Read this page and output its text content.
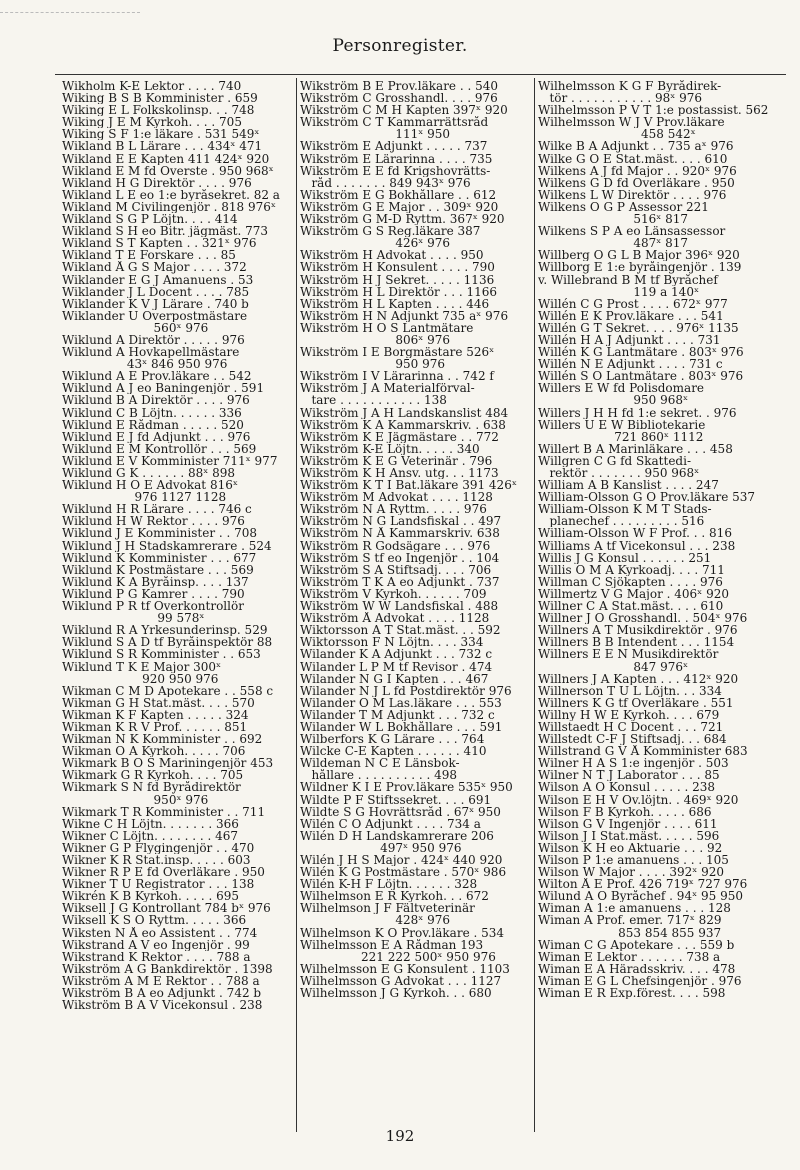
Personregister.
Wikholm K-E Lektor . . . . 740
Wiking B S B Komminister . 659
Wiking E L Folkskolinsp. . . 748
Wiking J E M Kyrkoh. . . . 705
Wiking S F 1:e läkare . 531 549ˣ
Wikland B L Lärare . . . 434ˣ 471
Wikland E E Kapten 411 424ˣ 920
Wikland E M fd Överste . 950 968ˣ
Wikland H G Direktör . . . . 976
Wikland L E eo 1:e byråsekret. 82 a
Wikland M Civilingenjör . 818 976ˣ
Wikland S G P Löjtn. . . . 414
Wikland S H eo Bitr. jägmäst. 773
Wikland S T Kapten . . 321ˣ 976
Wikland T E Forskare . . . 85
Wikland Å G S Major . . . . 372
Wiklander E G J Amanuens . 53
Wiklander J L Docent . . . . 785
Wiklander K V J Lärare . 740 b
Wiklander U Överpostmästare
560ˣ 976
Wiklund A Direktör . . . . . 976
Wiklund A Hovkapellmästare
43ˣ 846 950 976
Wiklund A E Prov.läkare . . 542
Wiklund A J eo Baningenjör . 591
Wiklund B A Direktör . . . . 976
Wiklund C B Löjtn. . . . . . 336
Wiklund E Rådman . . . . . 520
Wiklund E J fd Adjunkt . . . 976
Wiklund E M Kontrollör . . . 569
Wiklund E V Komminister 711ˣ 977
Wiklund G K . . . . . . 88ˣ 898
Wiklund H O E Advokat 816ˣ
976 1127 1128
Wiklund H R Lärare . . . . 746 c
Wiklund H W Rektor . . . . 976
Wiklund J E Komminister . . 708
Wiklund J H Stadskamrerare . 524
Wiklund K Komminister . . . 677
Wiklund K Postmästare . . . 569
Wiklund K A Byråinsp. . . . 137
Wiklund P G Kamrer . . . . 790
Wiklund P R tf Överkontrollör
99 578ˣ
Wiklund R A Yrkesunderinsp. 529
Wiklund S A D tf Byråinspektör 88
Wiklund S R Komminister . . 653
Wiklund T K E Major 300ˣ
920 950 976
Wikman C M D Apotekare . . 558 c
Wikman G H Stat.mäst. . . . 570
Wikman K F Kapten . . . . . 324
Wikman K R V Prof. . . . . . 851
Wikman N K Komminister . . 692
Wikman O A Kyrkoh. . . . . 706
Wikmark B O S Mariningenjör 453
Wikmark G R Kyrkoh. . . . 705
Wikmark S N fd Byrådirektör
950ˣ 976
Wikmark T R Komminister . . 711
Wikne C H Löjtn. . . . . . . 366
Wikner C Löjtn. . . . . . . . 467
Wikner G P Flygingenjör . . 470
Wikner K R Stat.insp. . . . . 603
Wikner R P E fd Överläkare . 950
Wikner T U Registrator . . . 138
Wikrén K B Kyrkoh. . . . . 695
Wiksell J G Kontrollant 784 bˣ 976
Wiksell K S O Ryttm. . . . . 366
Wiksten N Å eo Assistent . . 774
Wikstrand A V eo Ingenjör . 99
Wikstrand K Rektor . . . . 788 a
Wikström A G Bankdirektör . 1398
Wikström A M E Rektor . . 788 a
Wikström B A eo Adjunkt . 742 b
Wikström B A V Vicekonsul . 238
Wikström B E Prov.läkare . . 540
Wikström C Grosshandl. . . . 976
Wikström C M H Kapten 397ˣ 920
Wikström C T Kammarrättsråd
111ˣ 950
Wikström E Adjunkt . . . . . 737
Wikström E Lärarinna . . . . 735
Wikström E E fd Krigshovrätts-
råd . . . . . . . 849 943ˣ 976
Wikström E G Bokhållare . . 612
Wikström G E Major . . 309ˣ 920
Wikström G M-D Ryttm. 367ˣ 920
Wikström G S Reg.läkare 387
426ˣ 976
Wikström H Advokat . . . . 950
Wikström H Konsulent . . . . 790
Wikström H J Sekret. . . . . 1136
Wikström H L Direktör . . . 1166
Wikström H L Kapten . . . . 446
Wikström H N Adjunkt 735 aˣ 976
Wikström H O S Lantmätare
806ˣ 976
Wikström I E Borgmästare 526ˣ
950 976
Wikström I V Lärarinna . . 742 f
Wikström J A Materialförval-
tare . . . . . . . . . . . 138
Wikström J A H Landskanslist 484
Wikström K A Kammarskriv. . 638
Wikström K E Jägmästare . . 772
Wikström K-E Löjtn. . . . . 340
Wikström K E G Veterinär . 796
Wikström K H Ansv. utg. . . 1173
Wikström K T I Bat.läkare 391 426ˣ
Wikström M Advokat . . . . 1128
Wikström N A Ryttm. . . . . 976
Wikström N G Landsfiskal . . 497
Wikström N Å Kammarskriv. 638
Wikström R Godsägare . . . 976
Wikström S tf eo Ingenjör . . 104
Wikström S A Stiftsadj. . . . 706
Wikström T K A eo Adjunkt . 737
Wikström V Kyrkoh. . . . . . 709
Wikström W W Landsfiskal . 488
Wikström Å Advokat . . . . 1128
Wiktorsson A T Stat.mäst. . . 592
Wiktorsson F N Löjtn. . . . 334
Wilander K A Adjunkt . . . 732 c
Wilander L P M tf Revisor . 474
Wilander N G I Kapten . . . 467
Wilander N J L fd Postdirektör 976
Wilander O M Las.läkare . . . 553
Wilander T M Adjunkt . . . 732 c
Wilander W L Bokhållare . . . 591
Wilberfors K G Lärare . . . 764
Wilcke C-E Kapten . . . . . . 410
Wildeman N C E Länsbok-
hållare . . . . . . . . . . 498
Wildner K I E Prov.läkare 535ˣ 950
Wildte P F Stiftssekret. . . . 691
Wildte S G Hovrättsråd . 67ˣ 950
Wilén C O Adjunkt . . . . 734 a
Wilén D H Landskamrerare 206
497ˣ 950 976
Wilén J H S Major . 424ˣ 440 920
Wilén K G Postmästare . 570ˣ 986
Wilén K-H F Löjtn. . . . . . 328
Wilhelmson E R Kyrkoh. . . 672
Wilhelmson J F Fältveterinär
428ˣ 976
Wilhelmson K O Prov.läkare . 534
Wilhelmsson E A Rådman 193
221 222 500ˣ 950 976
Wilhelmsson E G Konsulent . 1103
Wilhelmsson G Advokat . . . 1127
Wilhelmsson J G Kyrkoh. . . 680
Wilhelmsson K G F Byrådirek-
tör . . . . . . . . . . . 98ˣ 976
Wilhelmsson P V T 1:e postassist. 562
Wilhelmsson W J V Prov.läkare
458 542ˣ
Wilke B A Adjunkt . . 735 aˣ 976
Wilke G O E Stat.mäst. . . . 610
Wilkens A J fd Major . . 920ˣ 976
Wilkens G D fd Överläkare . 950
Wilkens L W Direktör . . . . 976
Wilkens O G P Assessor 221
516ˣ 817
Wilkens S P A eo Länsassessor
487ˣ 817
Willberg O G L B Major 396ˣ 920
Willborg E 1:e byråingenjör . 139
v. Willebrand B M tf Byråchef
119 a 140ˣ
Willén C G Prost . . . . 672ˣ 977
Willén E K Prov.läkare . . . 541
Willén G T Sekret. . . . 976ˣ 1135
Willén H A J Adjunkt . . . . 731
Willén K G Lantmätare . 803ˣ 976
Willén N E Adjunkt . . . . 731 c
Willén S O Lantmätare . 803ˣ 976
Willers E W fd Polisdomare
950 968ˣ
Willers J H H fd 1:e sekret. . 976
Willers U E W Bibliotekarie
721 860ˣ 1112
Willert B A Marinläkare . . . 458
Willgren C G fd Skattedi-
rektör . . . . . . . 950 968ˣ
William A B Kanslist . . . . 247
William-Olsson G O Prov.läkare 537
William-Olsson K M T Stads-
planechef . . . . . . . . . 516
William-Olsson W F Prof. . . 816
Williams A tf Vicekonsul . . . 238
Willis J G Konsul . . . . . . 251
Willis O M A Kyrkoadj. . . . 711
Willman C Sjökapten . . . . 976
Willmertz V G Major . 406ˣ 920
Willner C A Stat.mäst. . . . 610
Willner J O Grosshandl. . 504ˣ 976
Willners A T Musikdirektör . 976
Willners B B Intendent . . . 1154
Willners E E N Musikdirektör
847 976ˣ
Willners J A Kapten . . . 412ˣ 920
Willnerson T U L Löjtn. . . 334
Willners K G tf Överläkare . 551
Willny H W E Kyrkoh. . . . 679
Willstaedt H C Docent . . . 721
Willstedt C-F J Stiftsadj. . . 684
Willstrand G V Å Komminister 683
Wilner H A S 1:e ingenjör . 503
Wilner N T J Laborator . . . 85
Wilson A O Konsul . . . . . 238
Wilson E H V Öv.löjtn. . 469ˣ 920
Wilson F B Kyrkoh. . . . . 686
Wilson G V Ingenjör . . . . 611
Wilson J I Stat.mäst. . . . . 596
Wilson K H eo Aktuarie . . . 92
Wilson P 1:e amanuens . . . 105
Wilson W Major . . . . 392ˣ 920
Wilton Å E Prof. 426 719ˣ 727 976
Wilund A O Byråchef . 94ˣ 95 950
Wiman A 1:e amanuens . . . 128
Wiman A Prof. emer. 717ˣ 829
853 854 855 937
Wiman C G Apotekare . . . 559 b
Wiman E Lektor . . . . . . 738 a
Wiman E A Häradsskriv. . . . 478
Wiman E G L Chefsingenjör . 976
Wiman E R Exp.förest. . . . 598
192
